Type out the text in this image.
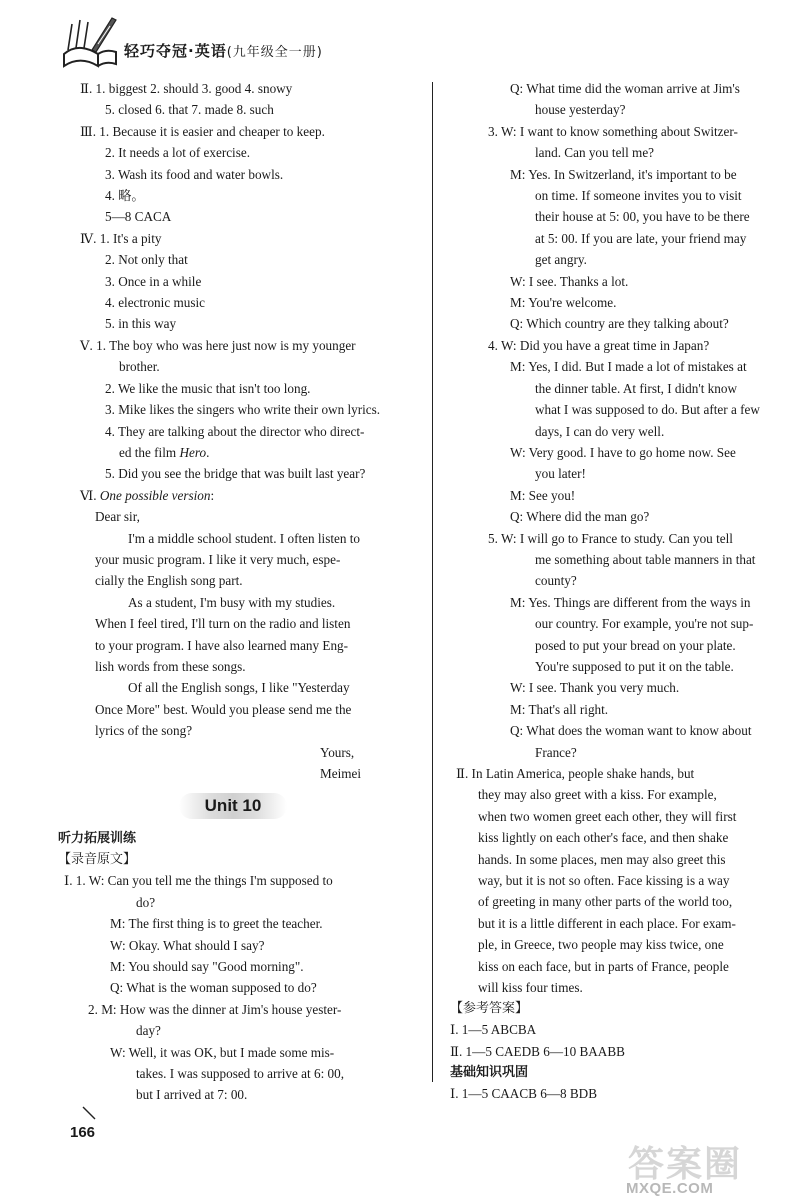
轻巧夺冠·英语(九年级全一册)
Ⅱ. 1. biggest 2. should 3. good 4. snowy
5. closed 6. that 7. made 8. such
Ⅲ. 1. Because it is easier and cheaper to keep.
2. It needs a lot of exercise.
3. Wash its food and water bowls.
4. 略。
5—8 CACA
Ⅳ. 1. It's a pity
2. Not only that
3. Once in a while
4. electronic music
5. in this way
Ⅴ. 1. The boy who was here just now is my younger
brother.
2. We like the music that isn't too long.
3. Mike likes the singers who write their own lyrics.
4. They are talking about the director who direct-
ed the film Hero.
5. Did you see the bridge that was built last year?
Ⅵ. One possible version:
Dear sir,
I'm a middle school student. I often listen to
your music program. I like it very much, espe-
cially the English song part.
As a student, I'm busy with my studies.
When I feel tired, I'll turn on the radio and listen
to your program. I have also learned many Eng-
lish words from these songs.
Of all the English songs, I like "Yesterday
Once More" best. Would you please send me the
lyrics of the song?
Yours,
Meimei
Unit 10
听力拓展训练
【录音原文】
Ⅰ. 1. W: Can you tell me the things I'm supposed to
do?
M: The first thing is to greet the teacher.
W: Okay. What should I say?
M: You should say "Good morning".
Q: What is the woman supposed to do?
2. M: How was the dinner at Jim's house yester-
day?
W: Well, it was OK, but I made some mis-
takes. I was supposed to arrive at 6: 00,
but I arrived at 7: 00.
Q: What time did the woman arrive at Jim's
house yesterday?
3. W: I want to know something about Switzer-
land. Can you tell me?
M: Yes. In Switzerland, it's important to be
on time. If someone invites you to visit
their house at 5: 00, you have to be there
at 5: 00. If you are late, your friend may
get angry.
W: I see. Thanks a lot.
M: You're welcome.
Q: Which country are they talking about?
4. W: Did you have a great time in Japan?
M: Yes, I did. But I made a lot of mistakes at
the dinner table. At first, I didn't know
what I was supposed to do. But after a few
days, I can do very well.
W: Very good. I have to go home now. See
you later!
M: See you!
Q: Where did the man go?
5. W: I will go to France to study. Can you tell
me something about table manners in that
county?
M: Yes. Things are different from the ways in
our country. For example, you're not sup-
posed to put your bread on your plate.
You're supposed to put it on the table.
W: I see. Thank you very much.
M: That's all right.
Q: What does the woman want to know about
France?
Ⅱ. In Latin America, people shake hands, but
they may also greet with a kiss. For example,
when two women greet each other, they will first
kiss lightly on each other's face, and then shake
hands. In some places, men may also greet this
way, but it is not so often. Face kissing is a way
of greeting in many other parts of the world too,
but it is a little different in each place. For exam-
ple, in Greece, two people may kiss twice, one
kiss on each face, but in parts of France, people
will kiss four times.
【参考答案】
Ⅰ. 1—5 ABCBA
Ⅱ. 1—5 CAEDB 6—10 BAABB
基础知识巩固
Ⅰ. 1—5 CAACB 6—8 BDB
166
答案圈
MXQE.COM
